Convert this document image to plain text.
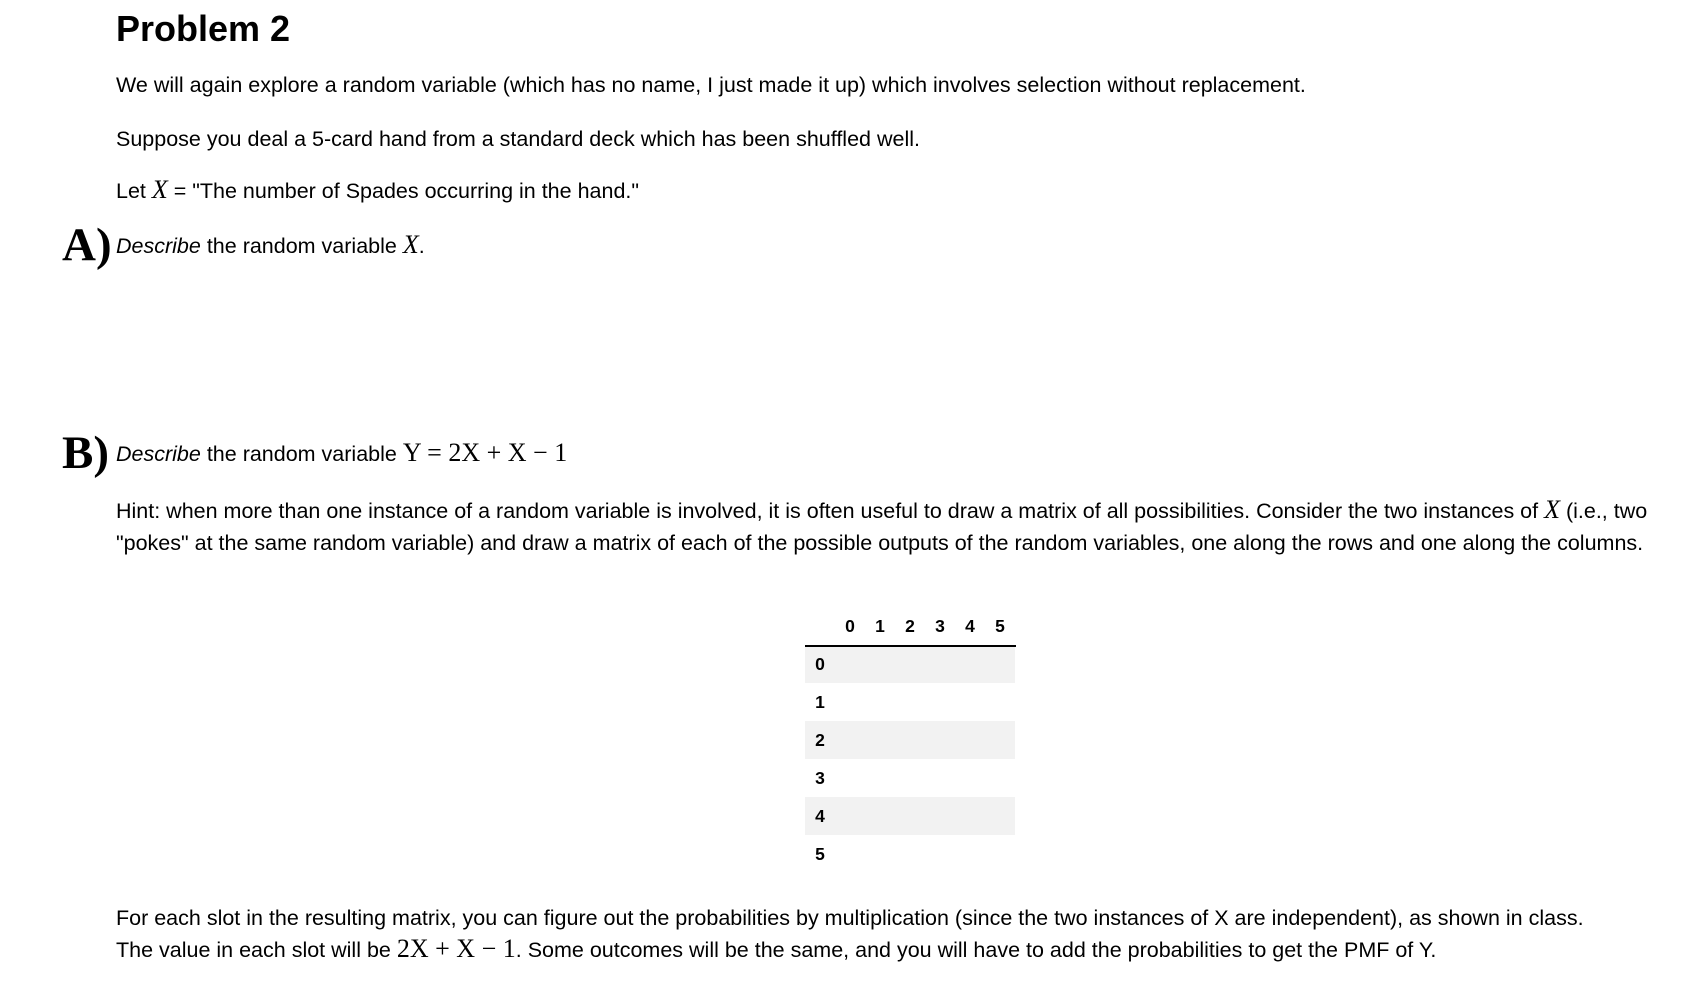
Problem 2
We will again explore a random variable (which has no name, I just made it up) which involves selection without replacement.
Suppose you deal a 5-card hand from a standard deck which has been shuffled well.
Let X = "The number of Spades occurring in the hand."
A) Describe the random variable X.
B) Describe the random variable Y = 2X + X − 1
Hint: when more than one instance of a random variable is involved, it is often useful to draw a matrix of all possibilities. Consider the two instances of X (i.e., two "pokes" at the same random variable) and draw a matrix of each of the possible outputs of the random variables, one along the rows and one along the columns.
	0	1	2	3	4	5
0						
1						
2						
3						
4						
5						
For each slot in the resulting matrix, you can figure out the probabilities by multiplication (since the two instances of X are independent), as shown in class.
The value in each slot will be 2X + X − 1. Some outcomes will be the same, and you will have to add the probabilities to get the PMF of Y.
